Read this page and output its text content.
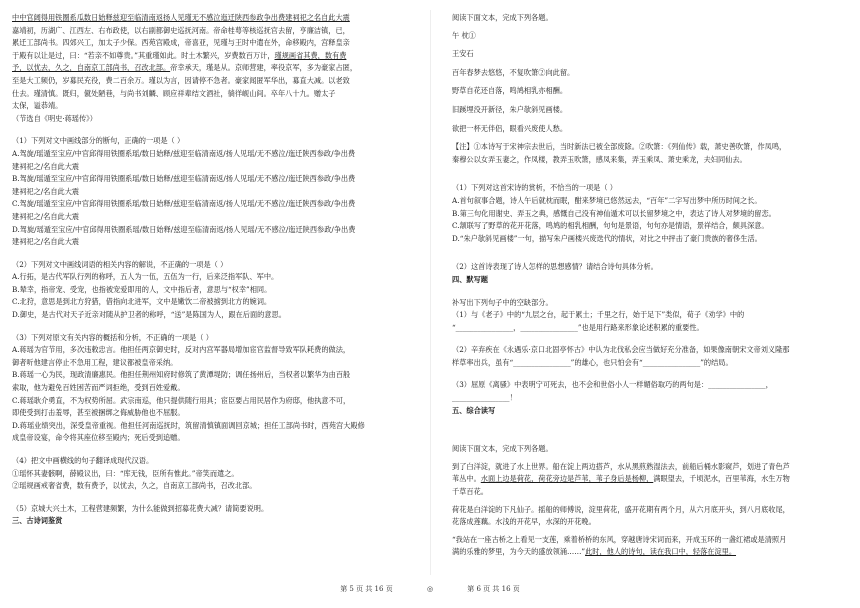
中中官阔得用铁圈系瓜数日始释兹迎至临清南返扬人见瑾无不感泣迤迁陕西参政争出费建祠祀之名自此大震

嘉靖初，历湖广、江西左、右布政使，以右副都御史巡抚河南。帝命桂萼等核巡抚官去留，亨廉洁镇，已，

累迁工部尚书。四郊兴工，加太子少保。西苑宫殿成，帝喜亚，见瑾与王时中遣在外，命移殿内，宫释皇亲

于殿有以让是过，曰：“若亲不如尊贵。”其重瑾如此。时土木繁兴，岁费数百万计，瑾规画省其费，数有费

予，以忧去，久之，自南京工部尚书，召改北部。帝幸承天，瑾是从。京师营建，率役京军，多为豪家占匿，

至是大工频仍，岁募民充役，费二百余万。瑾以为言，因请停不急者。豪家闻匿军华出，募直大减。以老致

仕去。瑾清慎。既归，僦处陋巷，与尚书刘麟、顾应祥辈结文酒社，徜徉岘山间。卒年八十九。赠太子

太保，谥恭靖。

（节选自《明史·蒋瑶传》）

（1）下列对文中画线部分的断句，正确的一项是（ ）

A.驾旋/瑶遁至宝应/中官邱得用铁圈系瑶/数日始释/兹迎至临清南返/扬人见瑶/无不感泣/迤迁陕西参政/争出费

建祠祀之/名自此大震

B.驾旋/瑶遁至宝应/中官邱得用铁圈系瑶/数日始释/兹迎至临清南返/扬人见瑶/无不感泣/迤迁陕西参政/争出费

建祠祀之/名自此大震

C.驾旋/瑶遁至宝应/中官邱得用铁圈系瑶/数日始释/兹迎至临清南返/扬人见瑶/无不感泣/迤迁陕西参政/争出费

建祠祀之/名自此大震

D.驾旋/瑶遁至宝应/中官邱得用铁圈系瑶/数日始释/兹迎至临清南返/扬人见瑶/无不感泣/迤迁陕西参政/争出费

建祠祀之/名自此大震

（2）下列对文中画线词语的相关内容的解说，不正确的一项是（ ）

A.行拓，是古代军队行列的称呼，五人为一伍，五伍为一行，后来泛指军队、军中。

B.辇幸，指帝宠、受宠，也指被宠爱即用的人，文中指后者，意思与“权幸”相同。

C.北狩，意思是到北方狩猎，借指向北进军，文中是嫩饮二帝被掳到北方的婉词。

D.御史，是古代对天子近亲对随从护卫者的称呼，“送”是陈国为人，跟在后面的意思。

（3）下列对原文有关内容的概括和分析，不正确的一项是（ ）

A.蒋瑶为官节用，多次违敕忠言。他担任两京御史时，反对内宫军器局增加宦官监督导致军队耗费的做法，

御者听他建言停止不急用工程，建议都被皇帝采纳。

B.蒋瑶一心为民，现政清廉惠民。他担任荆州知府时修筑了黄潭堤防；调任扬州后，当权者以繁华为由百般

索取，他为避免百姓困苦而严词拒绝，受到百姓爱戴。

C.蒋瑶耿介勇直，不为权势所屈。武宗南巡，他只提供随行用具；宦臣要占用民居作为府邸，他执意不可，

即使受到打击羞辱，甚至被捆绑之侮威胁他也不屈服。

D.蒋瑶业绩突出，深受皇帝重视。他担任河南巡抚时，筑留清慎镇面调回京城；担任工部尚书时，西苑宫大殿修

成皇帝设宴，命令将其座位移至殿内；死后受到追赠。

（4）把文中画横线的句子翻译成现代汉语。

①瑶怀其妻骸啊，薛殿议出，曰：“库无钱，臣所有惟此。”帝笑而遣之。

②瑶规画戒奢省费，数有费予，以忧去，久之，自南京工部尚书，召改北部。

（5）京城大兴土木，工程营建频繁，为什么能做到招募花费大减？请简要说明。

三、古诗词鉴赏

阅读下面文本，完成下列各题。

午 枕①

王安石

百年春梦去悠悠，不复吹箫②向此留。

野草自花还自落，鸣鸠相乳亦相酬。

旧蹊埋没开新径，朱户欹斜见画楼。

欲把一杯无伴侣，眼看兴废使人愁。

【注】①本诗写于宋神宗去世后，当时新法已被全部废除。②吹箫：《列仙传》载，萧史善吹箫，作凤鸣，

秦穆公以女弄玉妻之，作凤楼，教弄玉吹箫，感凤来集，弄玉乘凤、萧史乘龙，夫妇同仙去。

（1）下列对这首宋诗的赏析，不恰当的一项是（ ）

A.首句叙事合题，诗人午后就枕而眠，酣来梦境已悠然远去，“百年”二字写出梦中所历时间之长。

B.第三句化用谢史、弄玉之典，感慨自己没有神仙遁术可以长留梦境之中，表达了诗人对梦境的留恋。

C.颔联写了野草的花开花落，鸣鸠的相乳相酬，句句是景语，句句亦是情语，景祥结合，颇具深意。

D.“朱户欹斜见画楼”一句，描写朱户画楼兴废迭代的情状，对比之中抨击了豪门贵族的奢侈生活。

（2）这首诗表现了诗人怎样的思想感情？请结合诗句具体分析。

四、默写题

补写出下列句子中的空缺部分。

（1）与《老子》中的“九层之台，起于累土；千里之行，始于足下”类似，荀子《劝学》中的

“________________，________________”也是用行路来形象论述积累的重要性。

（2）辛弃疾在《永遇乐·京口北固亭怀古》中认为北伐私会应当做好充分准备，如果像南朝宋文帝刘义隆那

样草率出兵，虽有“________________”的雄心，也只怕会有“________________”的结局。

（3）屈原《离骚》中表明宁可死去，也不会和世俗小人一样媚俗取巧的两句是：________________，

________________！

五、综合读写

阅读下面文本，完成下列各题。

到了白洋淀，就进了水上世界。船在淀上两边搭芦，水从黑煎熟湿法去，前船后桶水影窥芦，划进了青色芦

苇丛中。水面上边是荷花，荷花旁边是芦苇，苇子身后是杨柳，满眼望去，千顷泥水，百里苇海，水生万物

千草百花。

荷花是白洋淀的下凡仙子。摇船的师傅说，淀里荷花，盛开花期有两个月，从六月底开头，到八月底收尾，

花落成莲藕。水浅的开花早，水深的开花晚。

“我站在一座古桥之上看见一支莲，乘着桥桥的东风，穿越唐诗宋词而来，开成玉环的一盏红裙或是清照月

满的乐雅的梦里，为今天的盛放领涌……”此时，他人的诗句，读在我口中，轻落在淀里。

第 5 页 共 16 页	◎	第 6 页 共 16 页
